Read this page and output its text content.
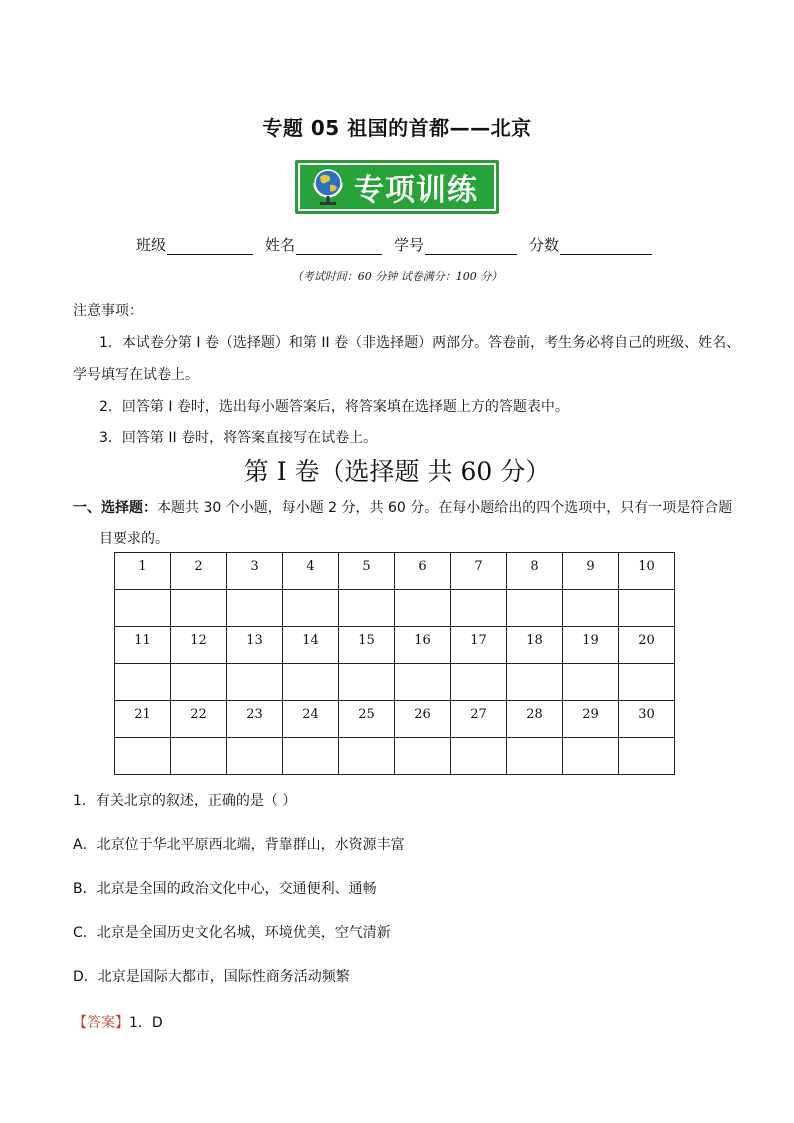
专题 05 祖国的首都——北京
专项训练
班级	姓名	学号	分数
（考试时间：60 分钟 试卷满分：100 分）
注意事项：
1．本试卷分第 I 卷（选择题）和第 II 卷（非选择题）两部分。答卷前，考生务必将自己的班级、姓名、
学号填写在试卷上。
2．回答第 I 卷时，选出每小题答案后，将答案填在选择题上方的答题表中。
3．回答第 II 卷时，将答案直接写在试卷上。
第 I 卷（选择题 共 60 分）
一、选择题：本题共 30 个小题，每小题 2 分，共 60 分。在每小题给出的四个选项中，只有一项是符合题
目要求的。
1	2	3	4	5	6	7	8	9	10

11	12	13	14	15	16	17	18	19	20

21	22	23	24	25	26	27	28	29	30

1．有关北京的叙述，正确的是（ ）
A．北京位于华北平原西北端，背靠群山，水资源丰富
B．北京是全国的政治文化中心，交通便利、通畅
C．北京是全国历史文化名城，环境优美，空气清新
D．北京是国际大都市，国际性商务活动频繁
【答案】1．D
